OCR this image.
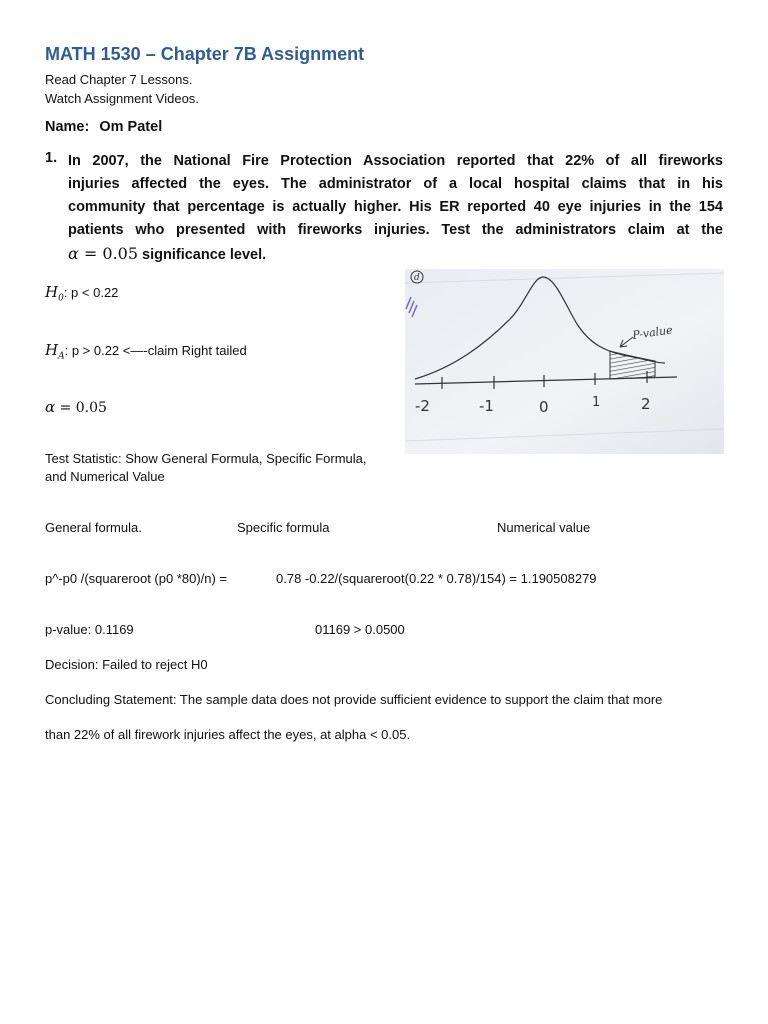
MATH 1530 – Chapter 7B Assignment
Read Chapter 7 Lessons.
Watch Assignment Videos.
Name: Om Patel
1. In 2007, the National Fire Protection Association reported that 22% of all fireworks
injuries affected the eyes. The administrator of a local hospital claims that in his
community that percentage is actually higher. His ER reported 40 eye injuries in the 154
patients who presented with fireworks injuries. Test the administrators claim at the
α = 0.05 significance level.
$H_0$: p < 0.22
$H_A$: p > 0.22 <—-claim Right tailed
α = 0.05
d
-2	-1	0	1	2
P-value
Test Statistic: Show General Formula, Specific Formula,
and Numerical Value
General formula.	Specific formula	Numerical value
p^-p0 /(squareroot (p0 *80)/n) =	0.78 -0.22/(squareroot(0.22 * 0.78)/154) = 1.190508279
p-value: 0.1169	01169 > 0.0500
Decision: Failed to reject H0
Concluding Statement: The sample data does not provide sufficient evidence to support the claim that more
than 22% of all firework injuries affect the eyes, at alpha < 0.05.
